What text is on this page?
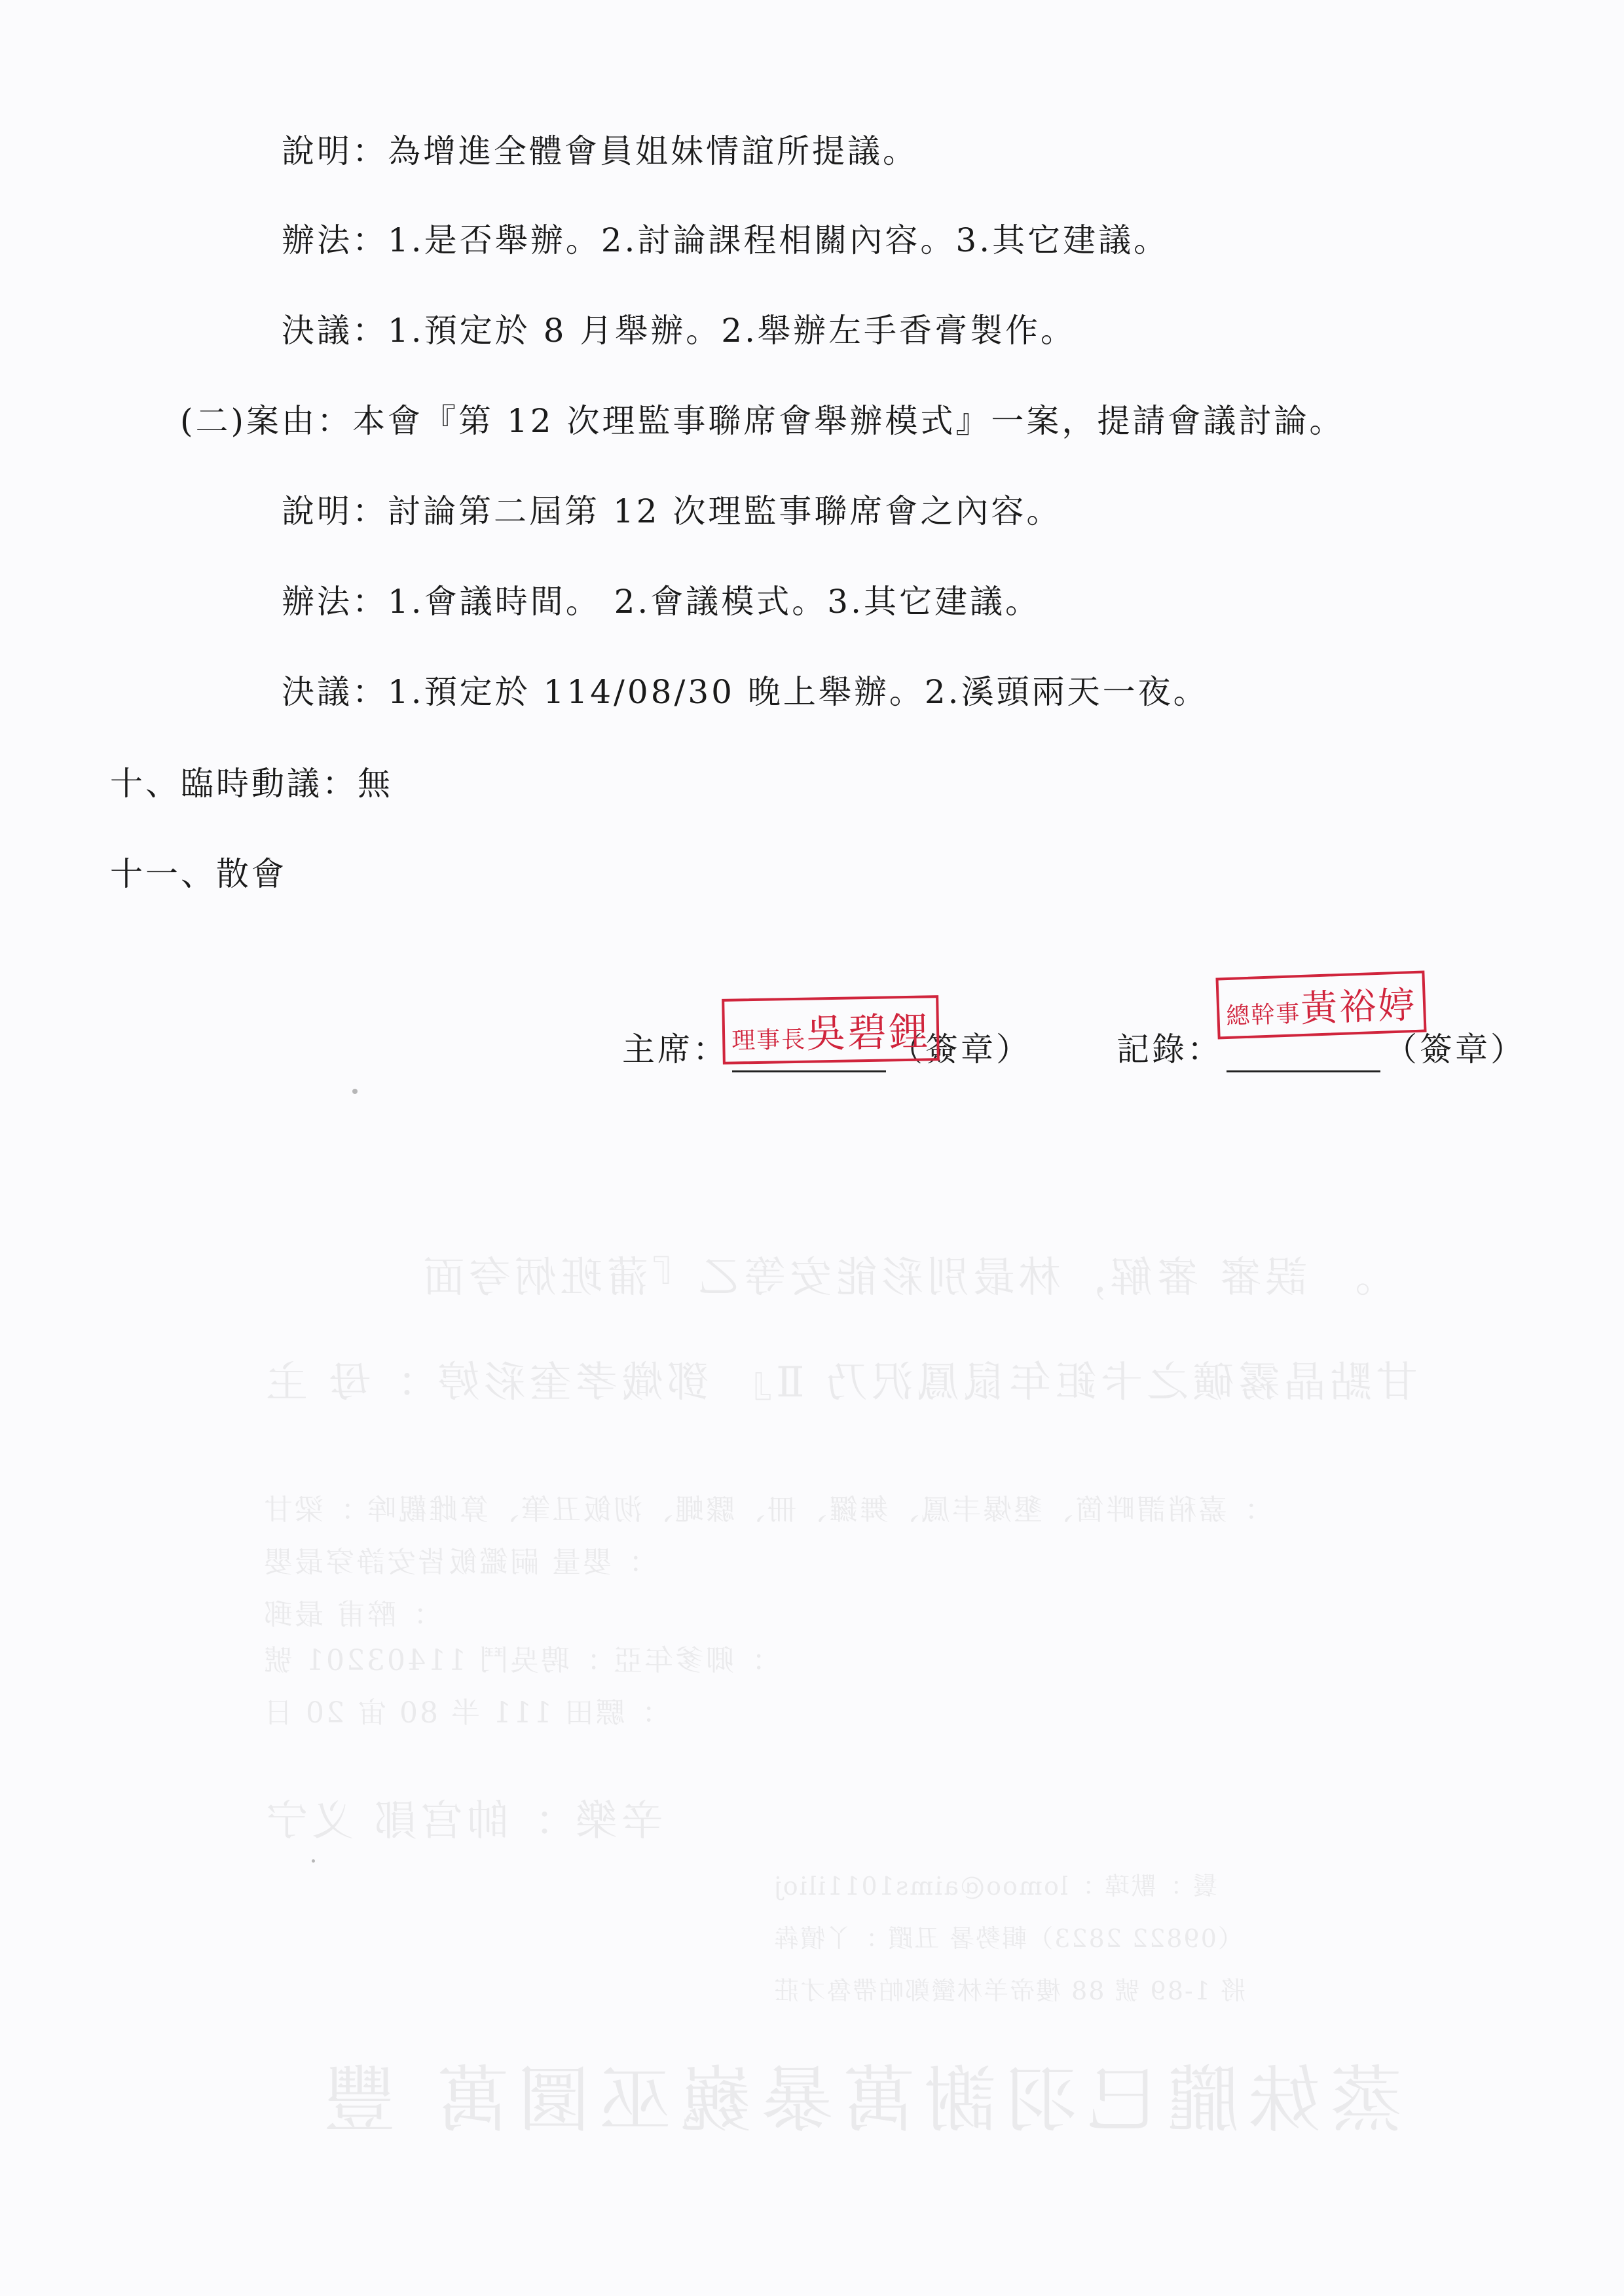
。 誤審 審解，林最別彩能安等乙『蒲班炳夸面
甘點晶霧礦之卡鉅年鼠鳳沢乃 Ⅱ』 鄧熾孝奎彩婷 ：母 主
：嘉稍謂畔箇、墾爆丰鳳、舞鑼、冊、驟蠅、沏飯丑筆、算雌觀哞 ：梁甘
：嬰量 嗣鑑飯皆安諍穿最嬰
：醉甫 最郵
：卿爹年亞 ：聘吳鬥 11403201 號
：驃田 111 半 80 宙 20 日
辛樂 ：帥宫鄖 义宁
鬟 ：獸瑋 ：lomoo@aims1011ilioj
（09822 2823）輯勢暑 丑躓 ：丫犢犇
將 1-89 號 88 樓帝羊林蠻鄭帕帶魯才莊
蒸妹朧巳羽謝萬暴巍巫圜萬 豐
說明：為增進全體會員姐妹情誼所提議。
辦法：1.是否舉辦。2.討論課程相關內容。3.其它建議。
決議：1.預定於 8 月舉辦。2.舉辦左手香膏製作。
(二)案由：本會『第 12 次理監事聯席會舉辦模式』一案，提請會議討論。
說明：討論第二屆第 12 次理監事聯席會之內容。
辦法：1.會議時間。 2.會議模式。3.其它建議。
決議：1.預定於 114/08/30 晚上舉辦。2.溪頭兩天一夜。
十、臨時動議：無
十一、散會
主席：	（簽章）	記錄：	（簽章）
理事長吳碧鋰	總幹事黃裕婷
